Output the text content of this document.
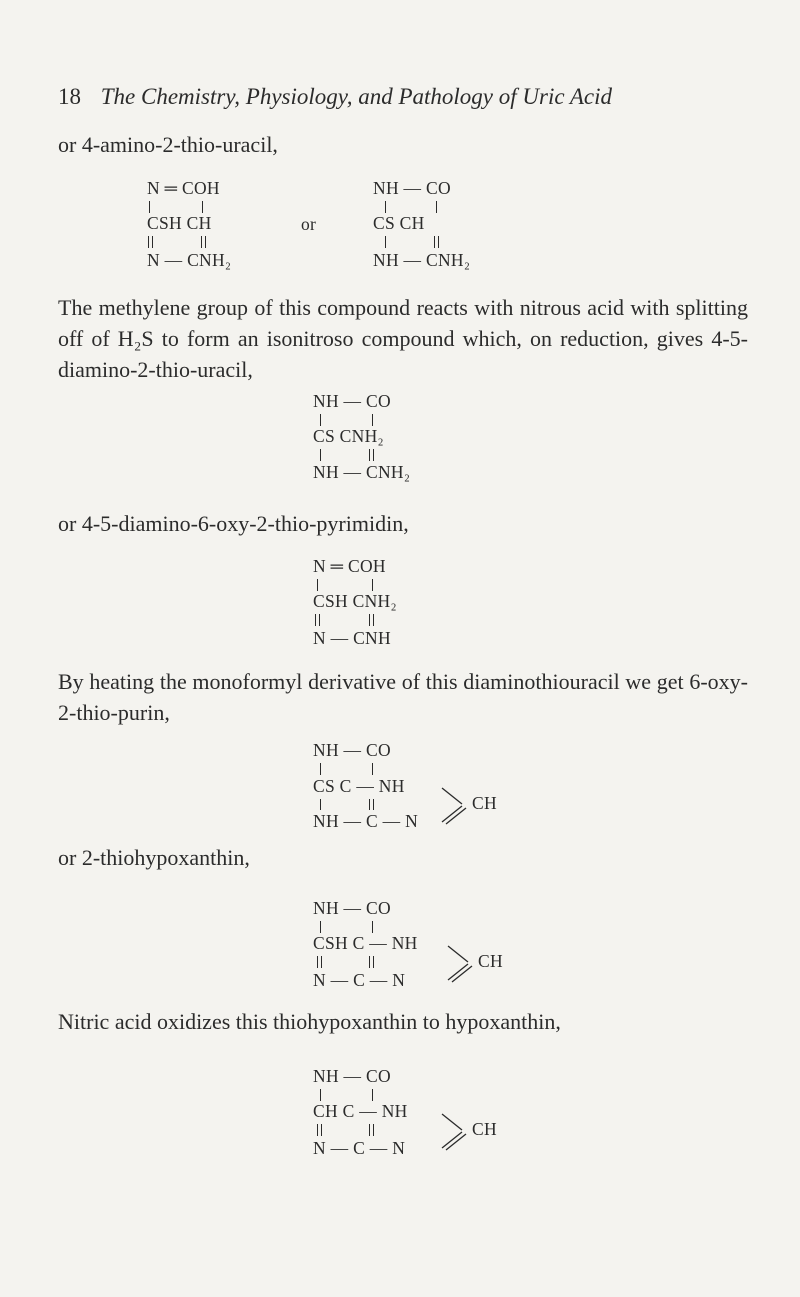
18 The Chemistry, Physiology, and Pathology of Uric Acid
or 4-amino-2-thio-uracil,
N ═ COH
CSH CH
N — CNH₂
or
NH — CO
CS CH
NH — CNH₂
The methylene group of this compound reacts with nitrous acid with splitting off of H₂S to form an isonitroso compound which, on reduction, gives 4-5-diamino-2-thio-uracil,
NH — CO
CS CNH₂
NH — CNH₂
or 4-5-diamino-6-oxy-2-thio-pyrimidin,
N ═ COH
CSH CNH₂
N — CNH
By heating the monoformyl derivative of this diaminothiouracil we get 6-oxy-2-thio-purin,
NH — CO
CS C — NH
NH — C — N
CH
or 2-thiohypoxanthin,
NH — CO
CSH C — NH
N — C — N
CH
Nitric acid oxidizes this thiohypoxanthin to hypoxanthin,
NH — CO
CH C — NH
N — C — N
CH
